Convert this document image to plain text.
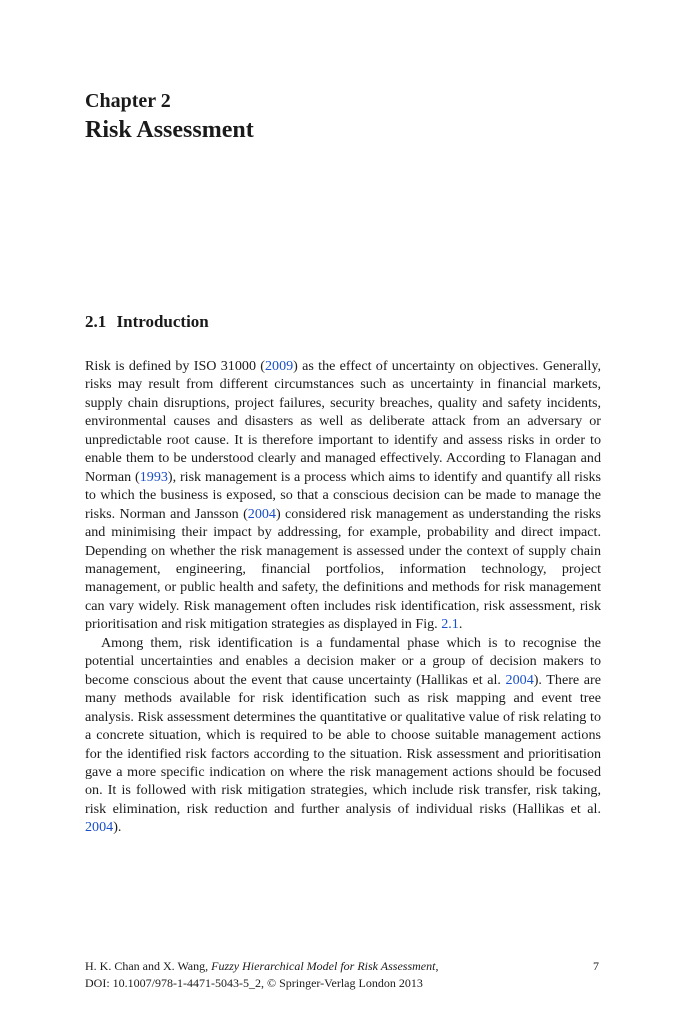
Chapter 2
Risk Assessment
2.1 Introduction

Risk is defined by ISO 31000 (2009) as the effect of uncertainty on objectives. Generally, risks may result from different circumstances such as uncertainty in financial markets, supply chain disruptions, project failures, security breaches, quality and safety incidents, environmental causes and disasters as well as deliberate attack from an adversary or unpredictable root cause. It is therefore important to identify and assess risks in order to enable them to be understood clearly and managed effectively. According to Flanagan and Norman (1993), risk management is a process which aims to identify and quantify all risks to which the business is exposed, so that a conscious decision can be made to manage the risks. Norman and Jansson (2004) considered risk management as understanding the risks and minimising their impact by addressing, for example, probability and direct impact. Depending on whether the risk management is assessed under the context of supply chain management, engineering, financial portfolios, information technology, project management, or public health and safety, the definitions and methods for risk management can vary widely. Risk management often includes risk identification, risk assessment, risk prioritisation and risk mitigation strategies as displayed in Fig. 2.1.

Among them, risk identification is a fundamental phase which is to recognise the potential uncertainties and enables a decision maker or a group of decision makers to become conscious about the event that cause uncertainty (Hallikas et al. 2004). There are many methods available for risk identification such as risk mapping and event tree analysis. Risk assessment determines the quantitative or qualitative value of risk relating to a concrete situation, which is required to be able to choose suitable management actions for the identified risk factors according to the situation. Risk assessment and prioritisation gave a more specific indication on where the risk management actions should be focused on. It is followed with risk mitigation strategies, which include risk transfer, risk taking, risk elimination, risk reduction and further analysis of individual risks (Hallikas et al. 2004).

H. K. Chan and X. Wang, Fuzzy Hierarchical Model for Risk Assessment,
DOI: 10.1007/978-1-4471-5043-5_2, © Springer-Verlag London 2013
7
